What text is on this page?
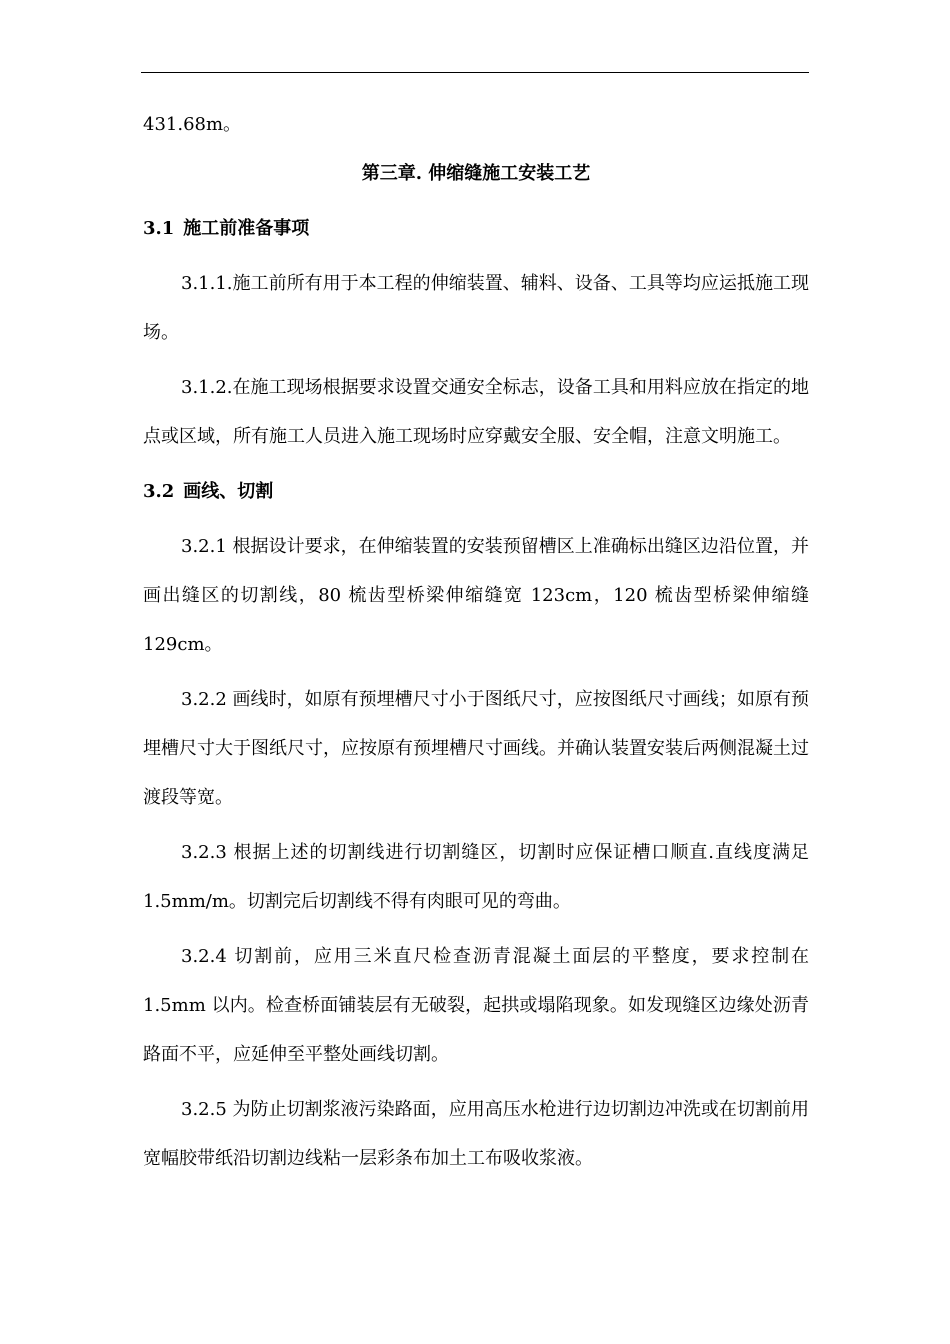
431.68m。

第三章. 伸缩缝施工安装工艺
3.1 施工前准备事项

3.1.1.施工前所有用于本工程的伸缩装置、辅料、设备、工具等均应运抵施工现场。

3.1.2.在施工现场根据要求设置交通安全标志，设备工具和用料应放在指定的地点或区域，所有施工人员进入施工现场时应穿戴安全服、安全帽，注意文明施工。

3.2 画线、切割

3.2.1 根据设计要求，在伸缩装置的安装预留槽区上准确标出缝区边沿位置，并画出缝区的切割线，80 梳齿型桥梁伸缩缝宽 123cm，120 梳齿型桥梁伸缩缝 129cm。

3.2.2 画线时，如原有预埋槽尺寸小于图纸尺寸，应按图纸尺寸画线；如原有预埋槽尺寸大于图纸尺寸，应按原有预埋槽尺寸画线。并确认装置安装后两侧混凝土过渡段等宽。

3.2.3 根据上述的切割线进行切割缝区，切割时应保证槽口顺直.直线度满足 1.5mm/m。切割完后切割线不得有肉眼可见的弯曲。

3.2.4 切割前，应用三米直尺检查沥青混凝土面层的平整度，要求控制在 1.5mm 以内。检查桥面铺装层有无破裂，起拱或塌陷现象。如发现缝区边缘处沥青路面不平，应延伸至平整处画线切割。

3.2.5 为防止切割浆液污染路面，应用高压水枪进行边切割边冲洗或在切割前用宽幅胶带纸沿切割边线粘一层彩条布加土工布吸收浆液。
